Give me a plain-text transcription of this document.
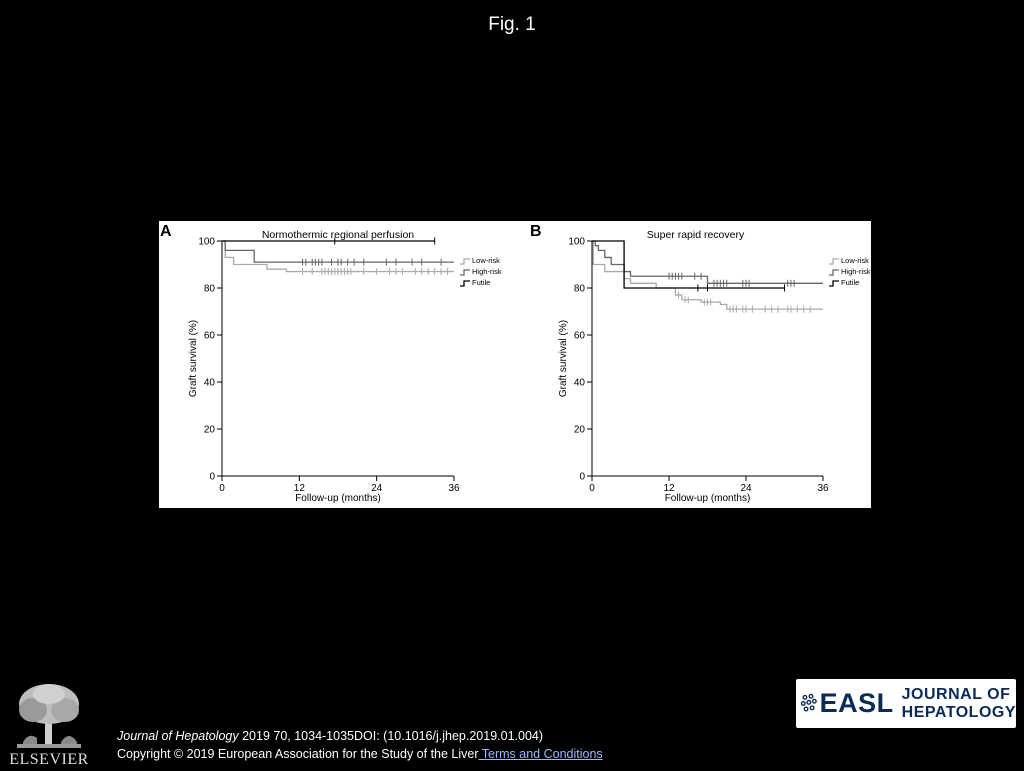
Fig. 1
A	Normothermic regional perfusion
0
20
40
60
80
100
0	12	24	36
Follow-up (months)
Graft survival (%)
Low-risk
High-risk
Futile
B	Super rapid recovery
0
20
40
60
80
100
0	12	24	36
Follow-up (months)
Graft survival (%)
Low-risk
High-risk
Futile
ELSEVIER
Journal of Hepatology 2019 70, 1034-1035DOI: (10.1016/j.jhep.2019.01.004)
Copyright © 2019 European Association for the Study of the Liver Terms and Conditions
EASL JOURNAL OF
HEPATOLOGY
